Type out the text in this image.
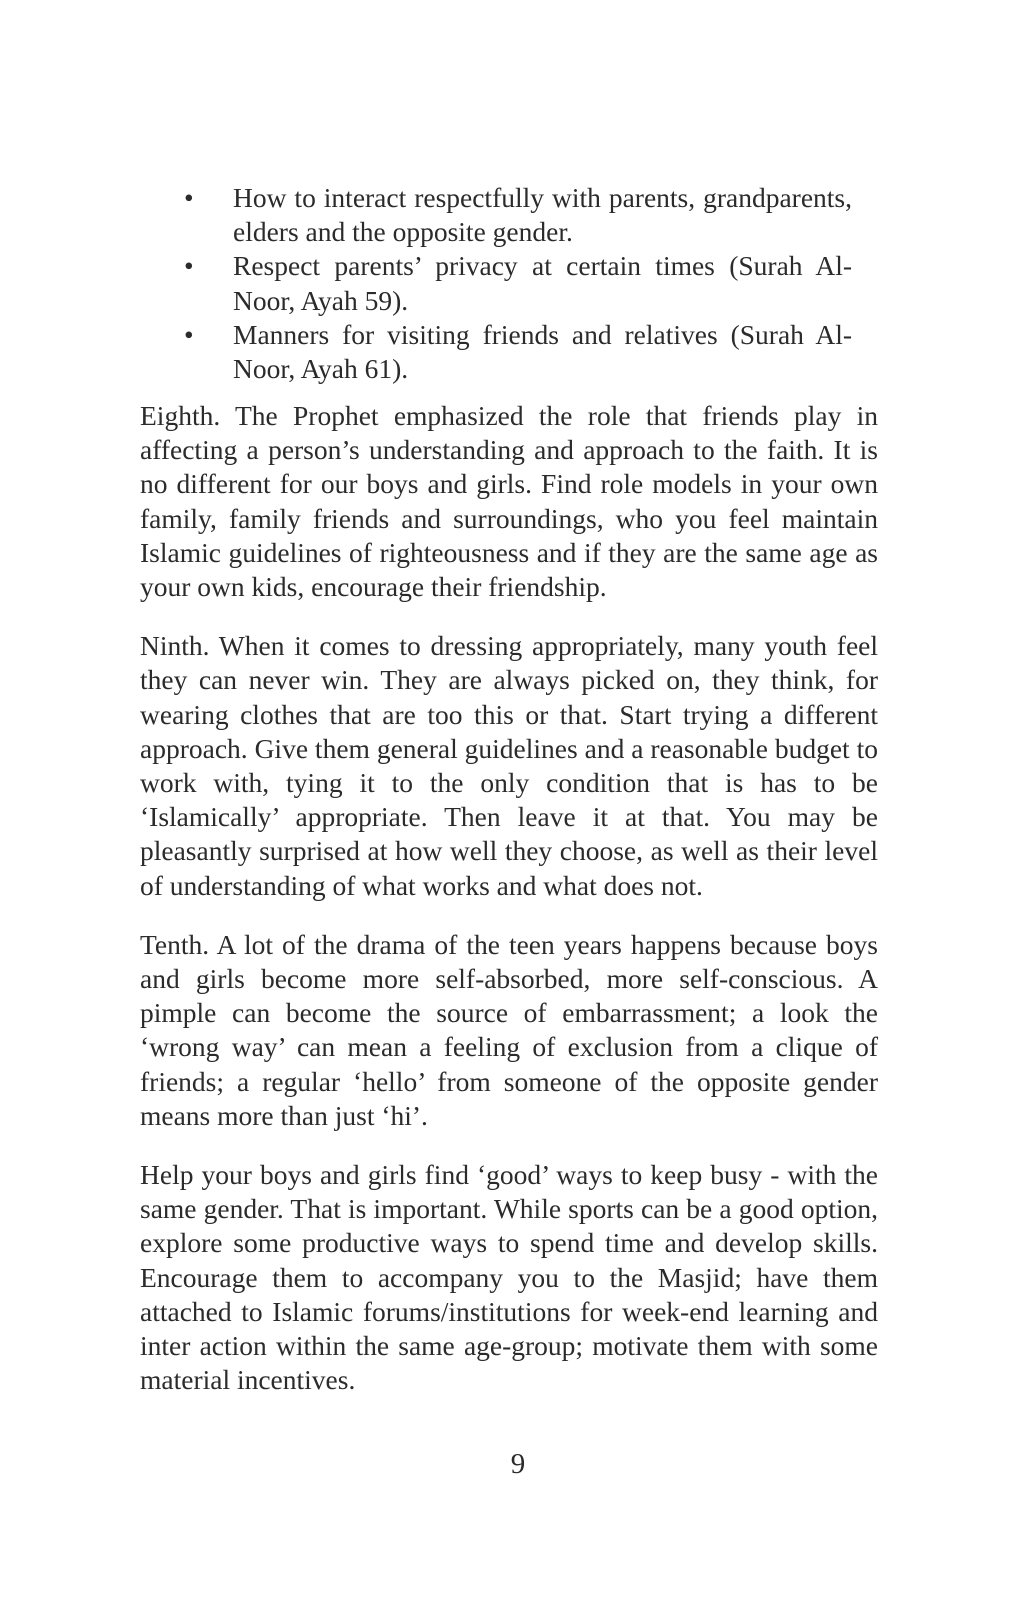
• How to interact respectfully with parents, grandparents, elders and the opposite gender.
• Respect parents’ privacy at certain times (Surah Al-Noor, Ayah 59).
• Manners for visiting friends and relatives (Surah Al-Noor, Ayah 61).

Eighth. The Prophet emphasized the role that friends play in affecting a person’s understanding and approach to the faith. It is no different for our boys and girls. Find role models in your own family, family friends and surroundings, who you feel maintain Islamic guidelines of righteousness and if they are the same age as your own kids, encourage their friendship.

Ninth. When it comes to dressing appropriately, many youth feel they can never win. They are always picked on, they think, for wearing clothes that are too this or that. Start trying a different approach. Give them general guidelines and a reasonable budget to work with, tying it to the only condition that is has to be ‘Islamically’ appropriate. Then leave it at that. You may be pleasantly surprised at how well they choose, as well as their level of understanding of what works and what does not.

Tenth. A lot of the drama of the teen years happens because boys and girls become more self-absorbed, more self-conscious. A pimple can become the source of embarrassment; a look the ‘wrong way’ can mean a feeling of exclusion from a clique of friends; a regular ‘hello’ from someone of the opposite gender means more than just ‘hi’.

Help your boys and girls find ‘good’ ways to keep busy - with the same gender. That is important. While sports can be a good option, explore some productive ways to spend time and develop skills. Encourage them to accompany you to the Masjid; have them attached to Islamic forums/institutions for week-end learning and inter action within the same age-group; motivate them with some material incentives.

9
